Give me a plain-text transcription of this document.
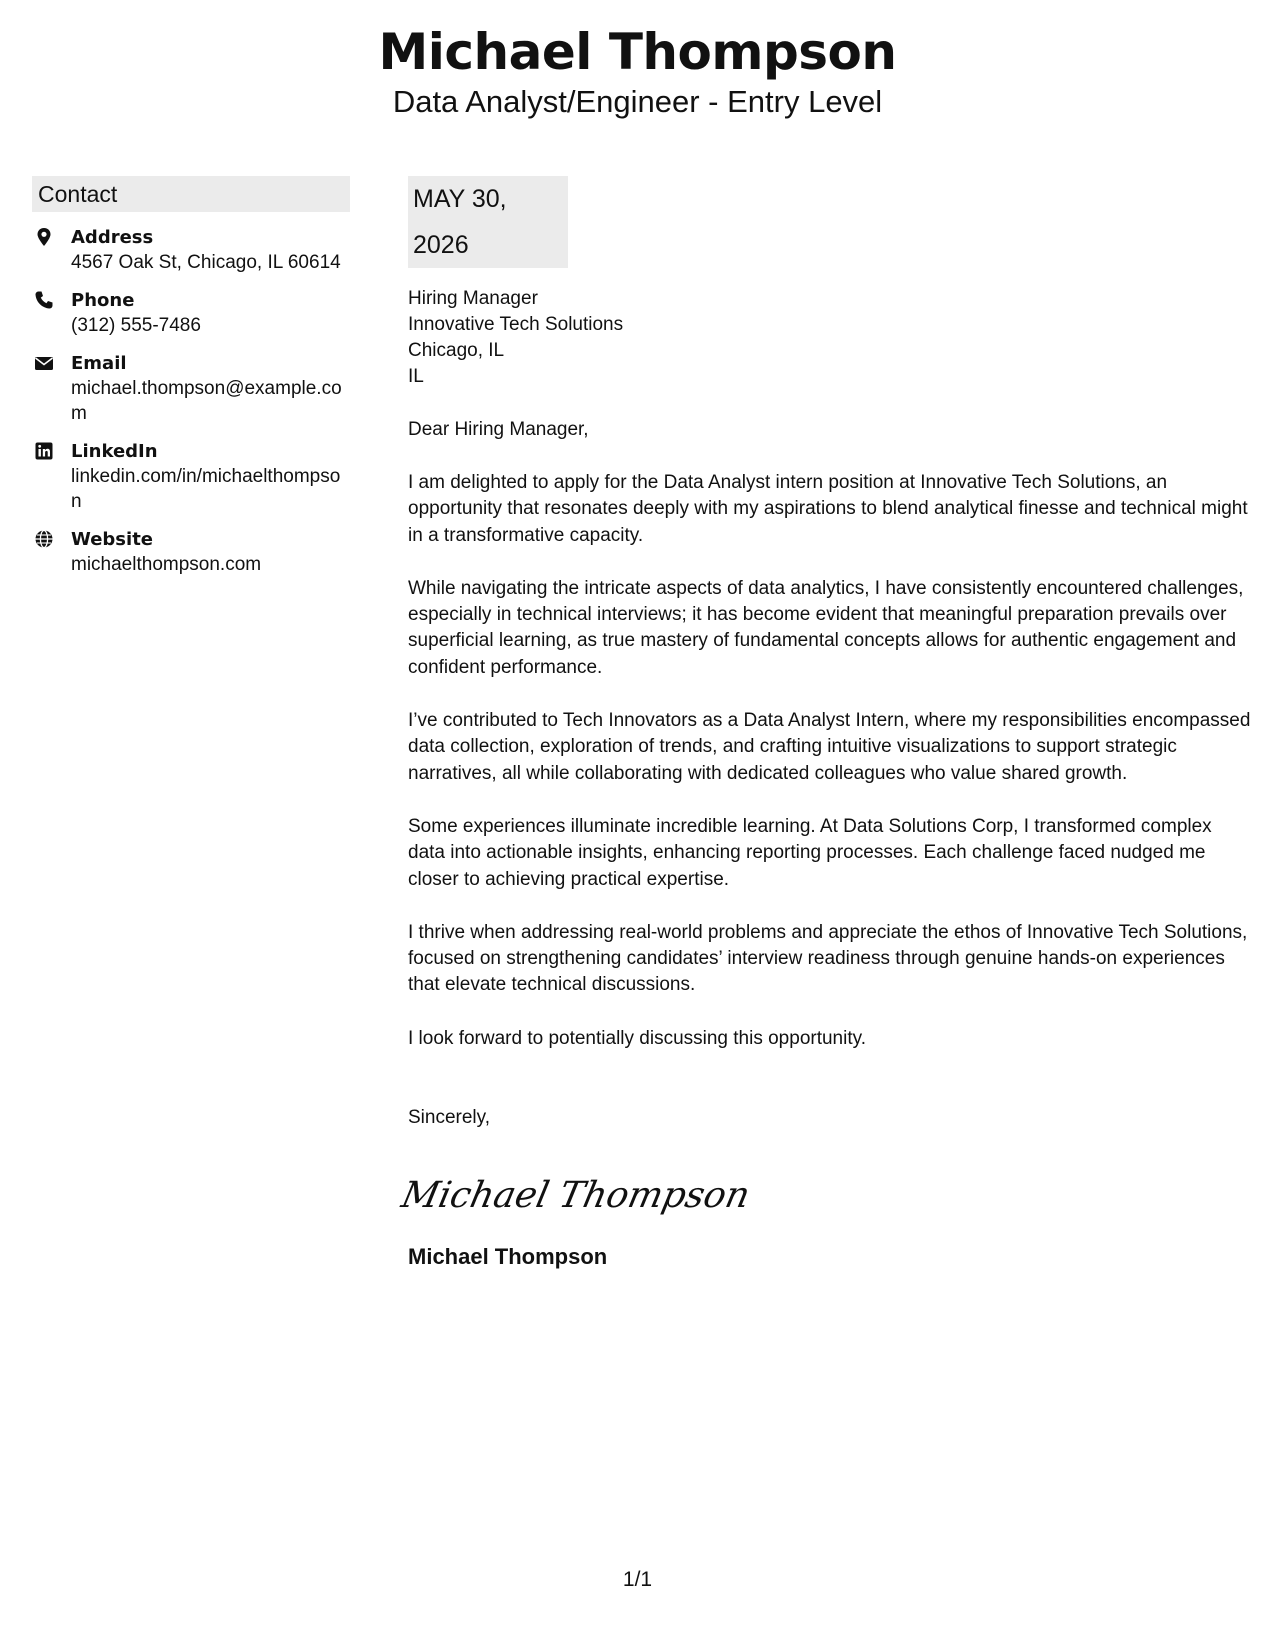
Michael Thompson
Data Analyst/Engineer - Entry Level
Contact
Address
4567 Oak St, Chicago, IL 60614
Phone
(312) 555-7486
Email
michael.thompson@example.com
LinkedIn
linkedin.com/in/michaelthompson
Website
michaelthompson.com
MAY 30, 2026
Hiring Manager
Innovative Tech Solutions
Chicago, IL
IL
Dear Hiring Manager,
I am delighted to apply for the Data Analyst intern position at Innovative Tech Solutions, an opportunity that resonates deeply with my aspirations to blend analytical finesse and technical might in a transformative capacity.
While navigating the intricate aspects of data analytics, I have consistently encountered challenges, especially in technical interviews; it has become evident that meaningful preparation prevails over superficial learning, as true mastery of fundamental concepts allows for authentic engagement and confident performance.
I’ve contributed to Tech Innovators as a Data Analyst Intern, where my responsibilities encompassed data collection, exploration of trends, and crafting intuitive visualizations to support strategic narratives, all while collaborating with dedicated colleagues who value shared growth.
Some experiences illuminate incredible learning. At Data Solutions Corp, I transformed complex data into actionable insights, enhancing reporting processes. Each challenge faced nudged me closer to achieving practical expertise.
I thrive when addressing real-world problems and appreciate the ethos of Innovative Tech Solutions, focused on strengthening candidates’ interview readiness through genuine hands-on experiences that elevate technical discussions.
I look forward to potentially discussing this opportunity.
Sincerely,
Michael Thompson
Michael Thompson
1/1
